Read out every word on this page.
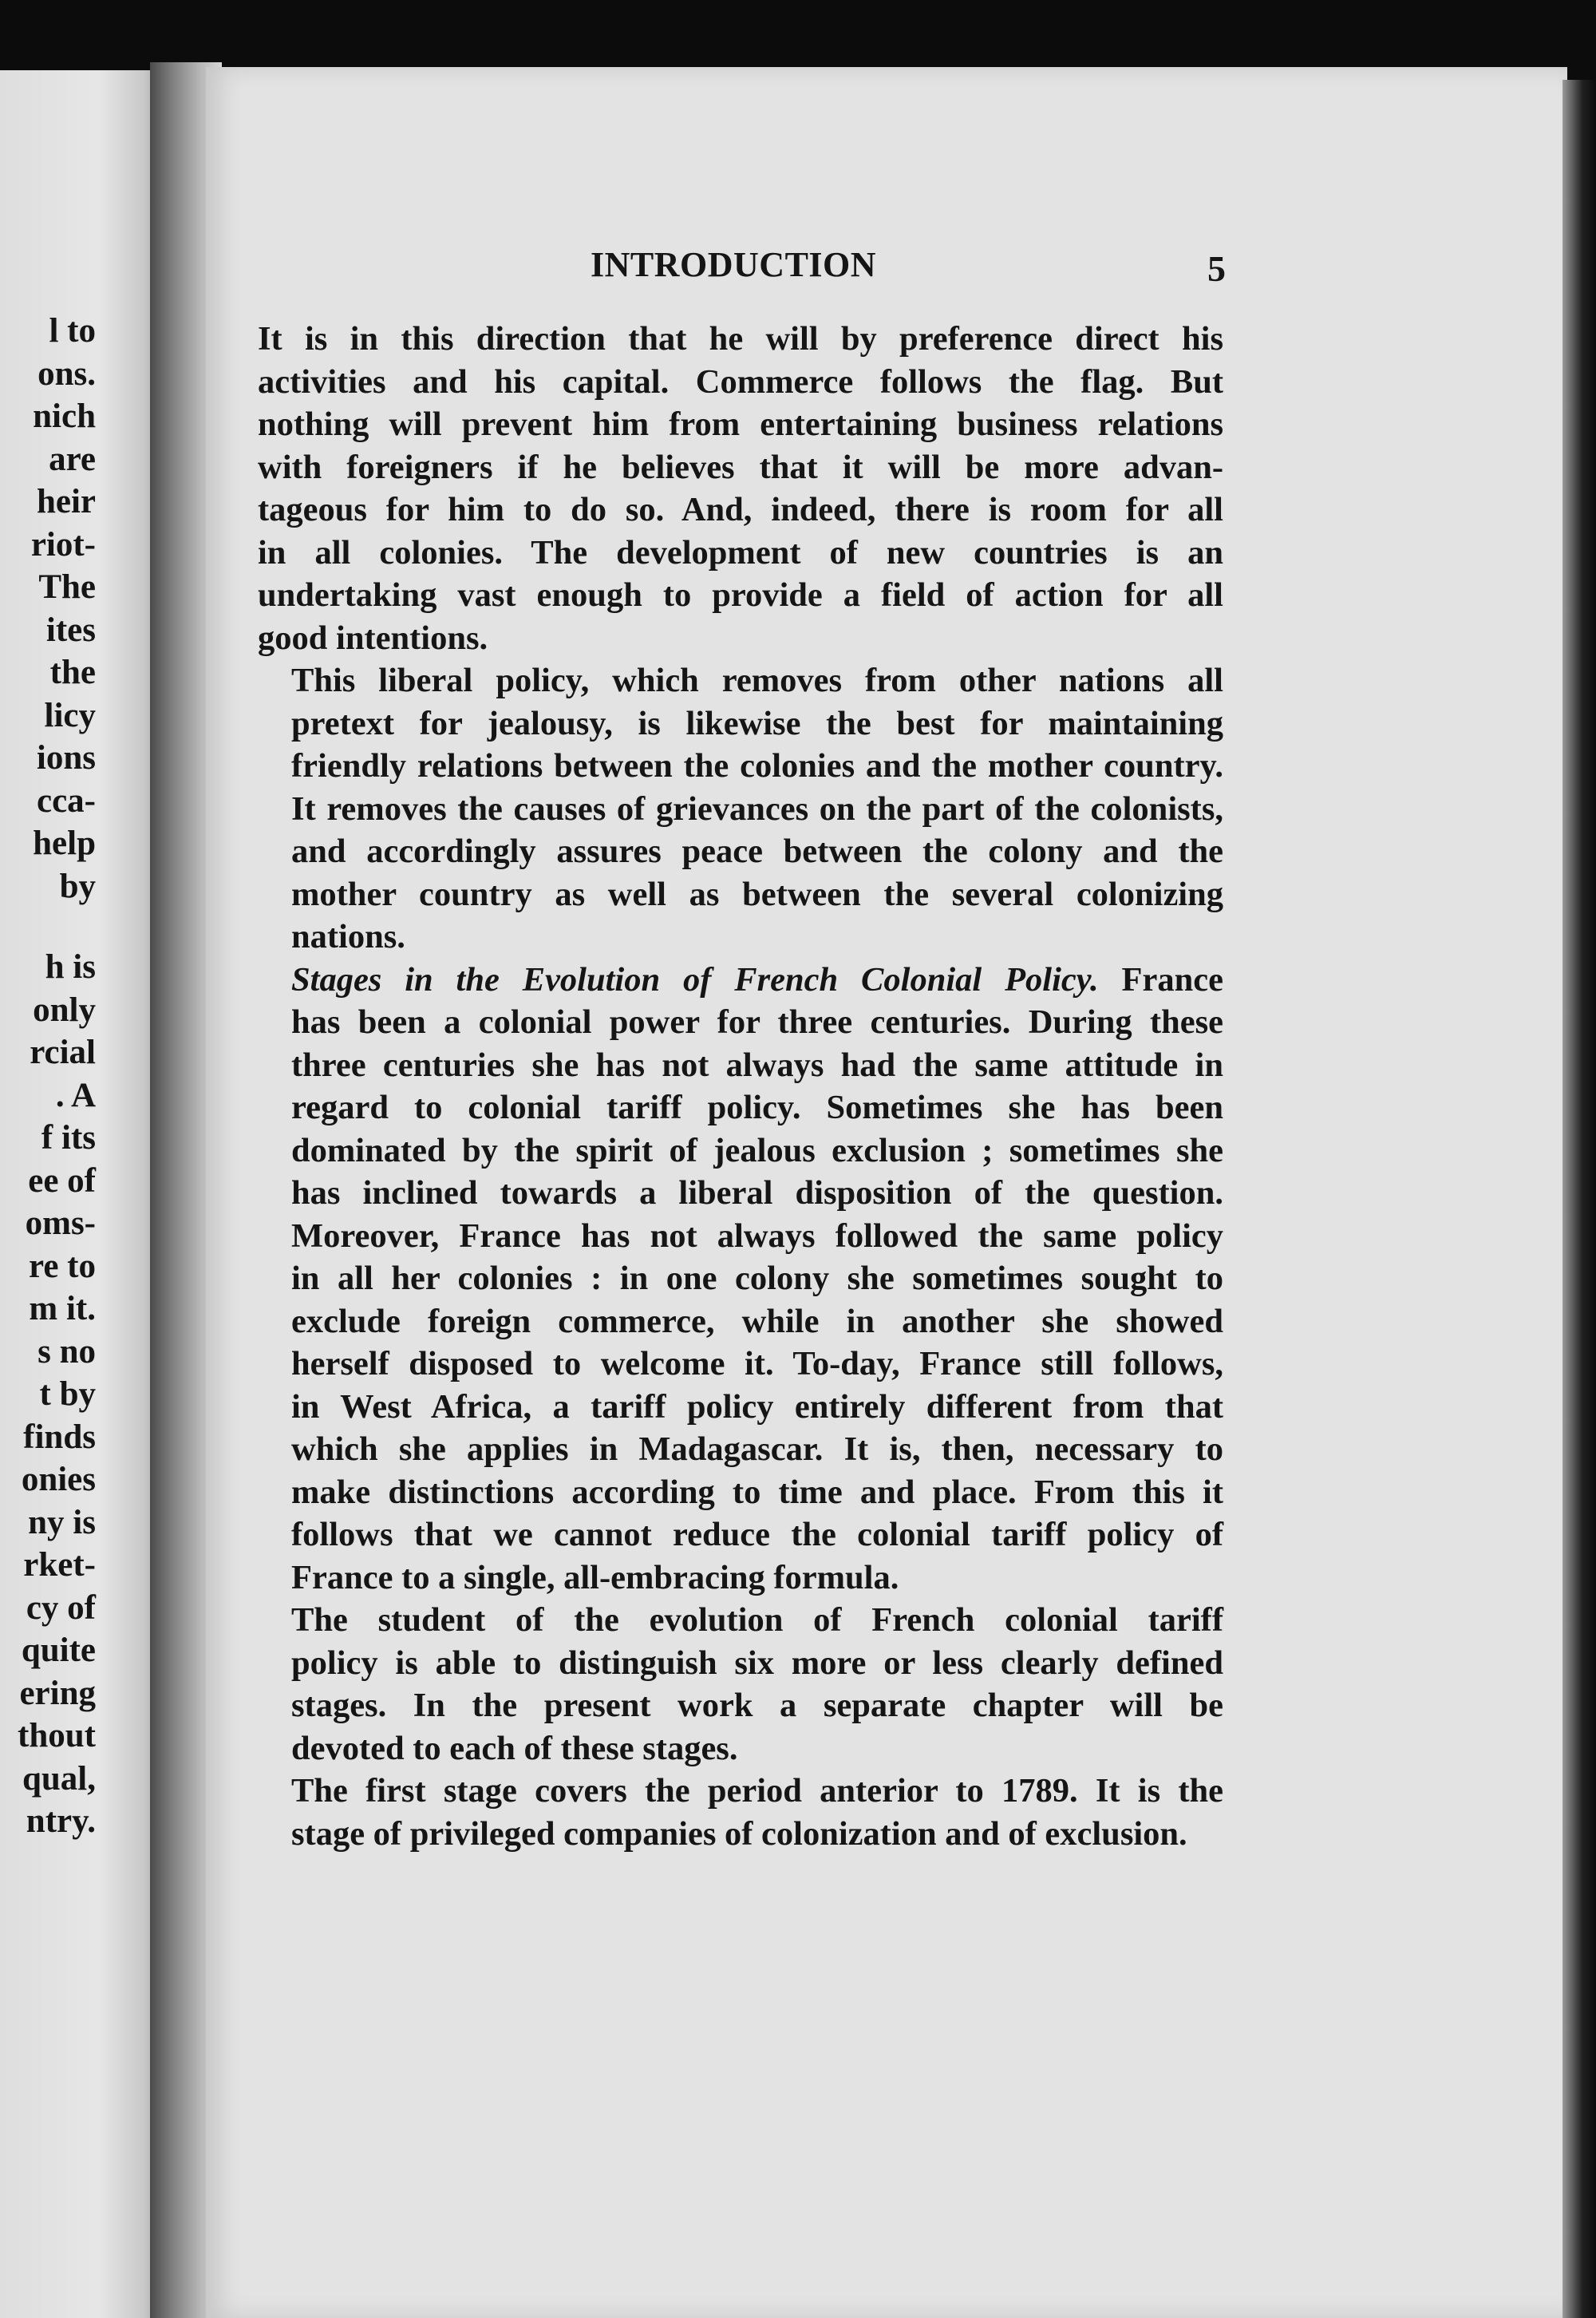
l to
ons.
nich
are
heir
riot-
The
ites
the
licy
ions
cca-
help
by
h is
only
rcial
. A
f its
ee of
oms-
re to
m it.
s no
t by
finds
onies
ny is
rket-
cy of
quite
ering
thout
qual,
ntry.
INTRODUCTION	5

It is in this direction that he will by preference direct his
activities and his capital. Commerce follows the flag. But
nothing will prevent him from entertaining business relations
with foreigners if he believes that it will be more advan-
tageous for him to do so. And, indeed, there is room for all
in all colonies. The development of new countries is an
undertaking vast enough to provide a field of action for all
good intentions.

This liberal policy, which removes from other nations all
pretext for jealousy, is likewise the best for maintaining
friendly relations between the colonies and the mother country.
It removes the causes of grievances on the part of the colonists,
and accordingly assures peace between the colony and the
mother country as well as between the several colonizing
nations.

Stages in the Evolution of French Colonial Policy. France
has been a colonial power for three centuries. During these
three centuries she has not always had the same attitude in
regard to colonial tariff policy. Sometimes she has been
dominated by the spirit of jealous exclusion ; sometimes she
has inclined towards a liberal disposition of the question.
Moreover, France has not always followed the same policy
in all her colonies : in one colony she sometimes sought to
exclude foreign commerce, while in another she showed
herself disposed to welcome it. To-day, France still follows,
in West Africa, a tariff policy entirely different from that
which she applies in Madagascar. It is, then, necessary to
make distinctions according to time and place. From this it
follows that we cannot reduce the colonial tariff policy of
France to a single, all-embracing formula.

The student of the evolution of French colonial tariff
policy is able to distinguish six more or less clearly defined
stages. In the present work a separate chapter will be
devoted to each of these stages.

The first stage covers the period anterior to 1789. It is the
stage of privileged companies of colonization and of exclusion.
